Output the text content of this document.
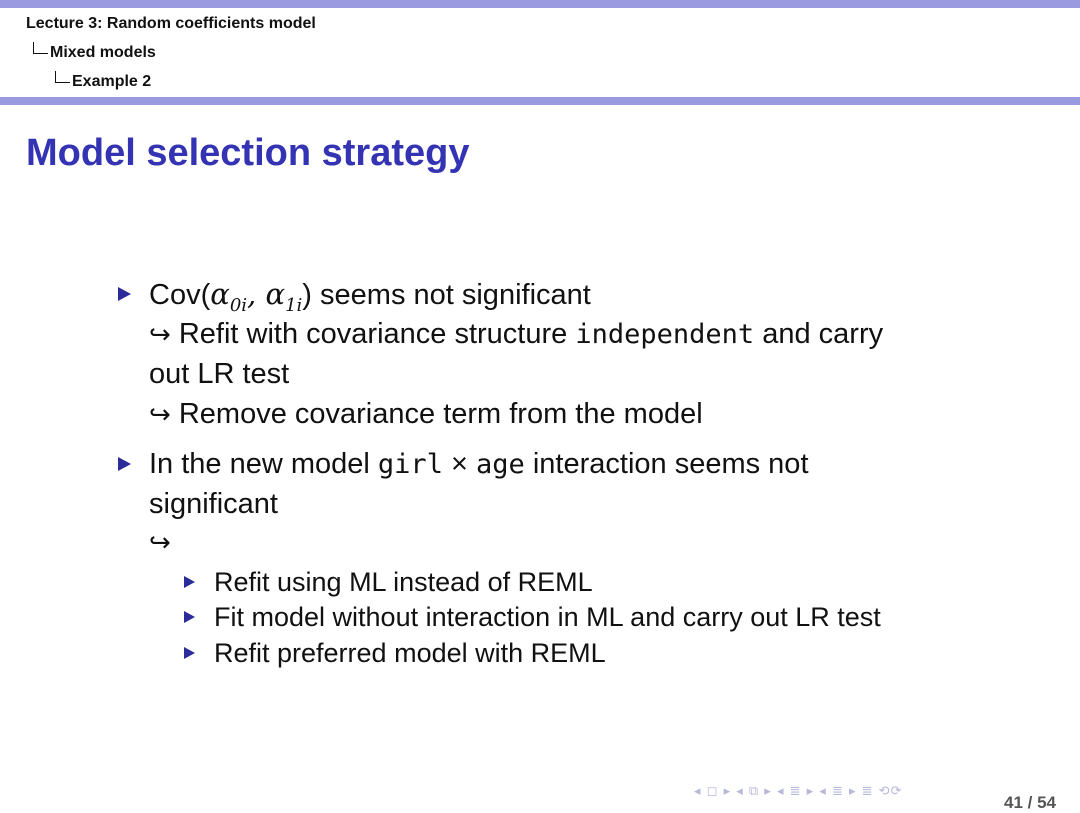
Lecture 3: Random coefficients model
Mixed models
Example 2
Model selection strategy
$Cov(\alpha_{0i}$, $\alpha_{1i}$) seems not significant
↪ Refit with covariance structure independent and carry
out LR test
↪ Remove covariance term from the model
In the new model girl × age interaction seems not
significant
↪
Refit using ML instead of REML
Fit model without interaction in ML and carry out LR test
Refit preferred model with REML
◂ ◻ ▸ ◂ ⧉ ▸ ◂ ≣ ▸ ◂ ≣ ▸ ≣ ⟲⟳
41 / 54
